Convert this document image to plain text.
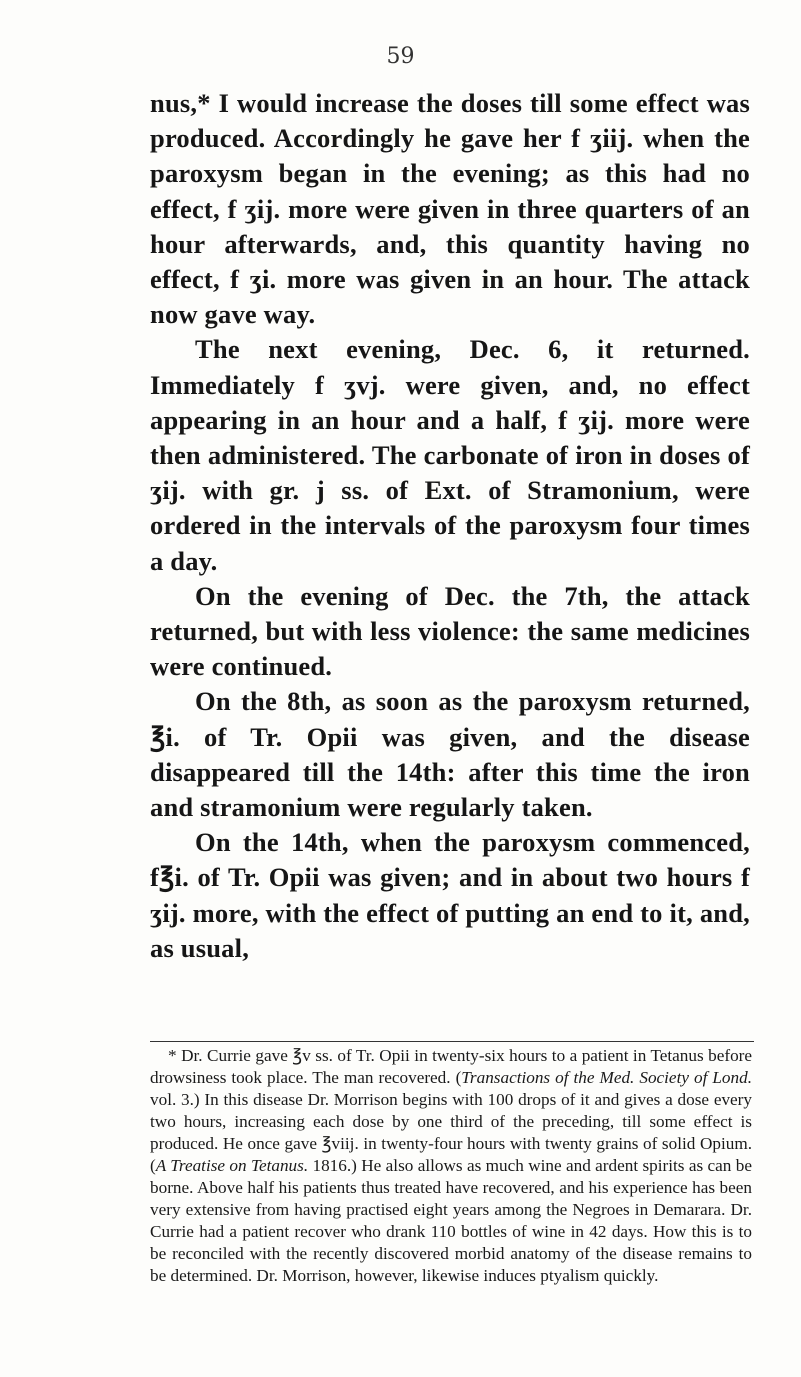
59

nus,* I would increase the doses till some effect was produced. Accordingly he gave her f ʒiij. when the paroxysm began in the evening; as this had no effect, f ʒij. more were given in three quarters of an hour afterwards, and, this quantity having no effect, f ʒi. more was given in an hour. The attack now gave way.

The next evening, Dec. 6, it returned. Immediately f ʒvj. were given, and, no effect appearing in an hour and a half, f ʒij. more were then administered. The carbonate of iron in doses of ʒij. with gr. j ss. of Ext. of Stramonium, were ordered in the intervals of the paroxysm four times a day.

On the evening of Dec. the 7th, the attack returned, but with less violence: the same medicines were continued.

On the 8th, as soon as the paroxysm returned, ℥i. of Tr. Opii was given, and the disease disappeared till the 14th: after this time the iron and stramonium were regularly taken.

On the 14th, when the paroxysm commenced, f℥i. of Tr. Opii was given; and in about two hours f ʒij. more, with the effect of putting an end to it, and, as usual,

* Dr. Currie gave ℥v ss. of Tr. Opii in twenty-six hours to a patient in Tetanus before drowsiness took place. The man recovered. (Transactions of the Med. Society of Lond. vol. 3.) In this disease Dr. Morrison begins with 100 drops of it and gives a dose every two hours, increasing each dose by one third of the preceding, till some effect is produced. He once gave ℥viij. in twenty-four hours with twenty grains of solid Opium. (A Treatise on Tetanus. 1816.) He also allows as much wine and ardent spirits as can be borne. Above half his patients thus treated have recovered, and his experience has been very extensive from having practised eight years among the Negroes in Demarara. Dr. Currie had a patient recover who drank 110 bottles of wine in 42 days. How this is to be reconciled with the recently discovered morbid anatomy of the disease remains to be determined. Dr. Morrison, however, likewise induces ptyalism quickly.
